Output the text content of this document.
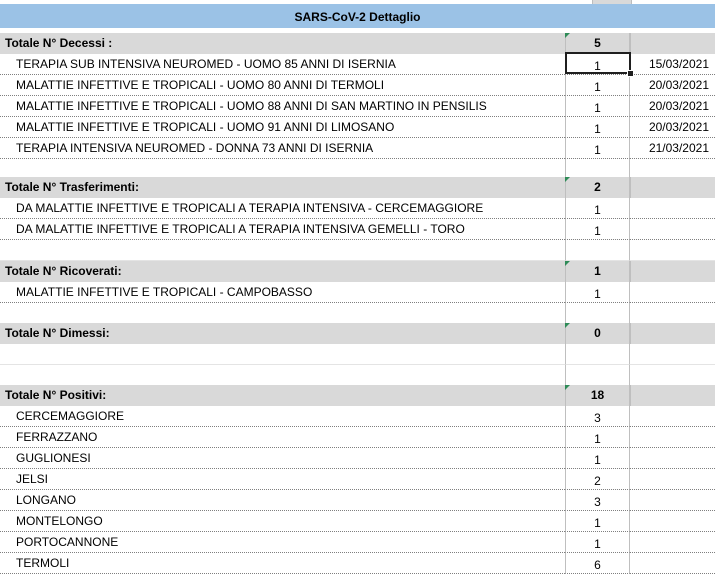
SARS-CoV-2 Dettaglio
Totale N° Decessi :	5
TERAPIA SUB INTENSIVA NEUROMED - UOMO 85 ANNI DI ISERNIA	1	15/03/2021
MALATTIE INFETTIVE E TROPICALI - UOMO 80 ANNI DI TERMOLI	1	20/03/2021
MALATTIE INFETTIVE E TROPICALI - UOMO 88 ANNI DI SAN MARTINO IN PENSILIS	1	20/03/2021
MALATTIE INFETTIVE E TROPICALI - UOMO 91 ANNI DI LIMOSANO	1	20/03/2021
TERAPIA INTENSIVA NEUROMED - DONNA 73 ANNI DI ISERNIA	1	21/03/2021
Totale N° Trasferimenti:	2
DA MALATTIE INFETTIVE E TROPICALI A TERAPIA INTENSIVA - CERCEMAGGIORE	1
DA MALATTIE INFETTIVE E TROPICALI A TERAPIA INTENSIVA GEMELLI - TORO	1
Totale N° Ricoverati:	1
MALATTIE INFETTIVE E TROPICALI - CAMPOBASSO	1
Totale N° Dimessi:	0
Totale N° Positivi:	18
CERCEMAGGIORE	3
FERRAZZANO	1
GUGLIONESI	1
JELSI	2
LONGANO	3
MONTELONGO	1
PORTOCANNONE	1
TERMOLI	6
